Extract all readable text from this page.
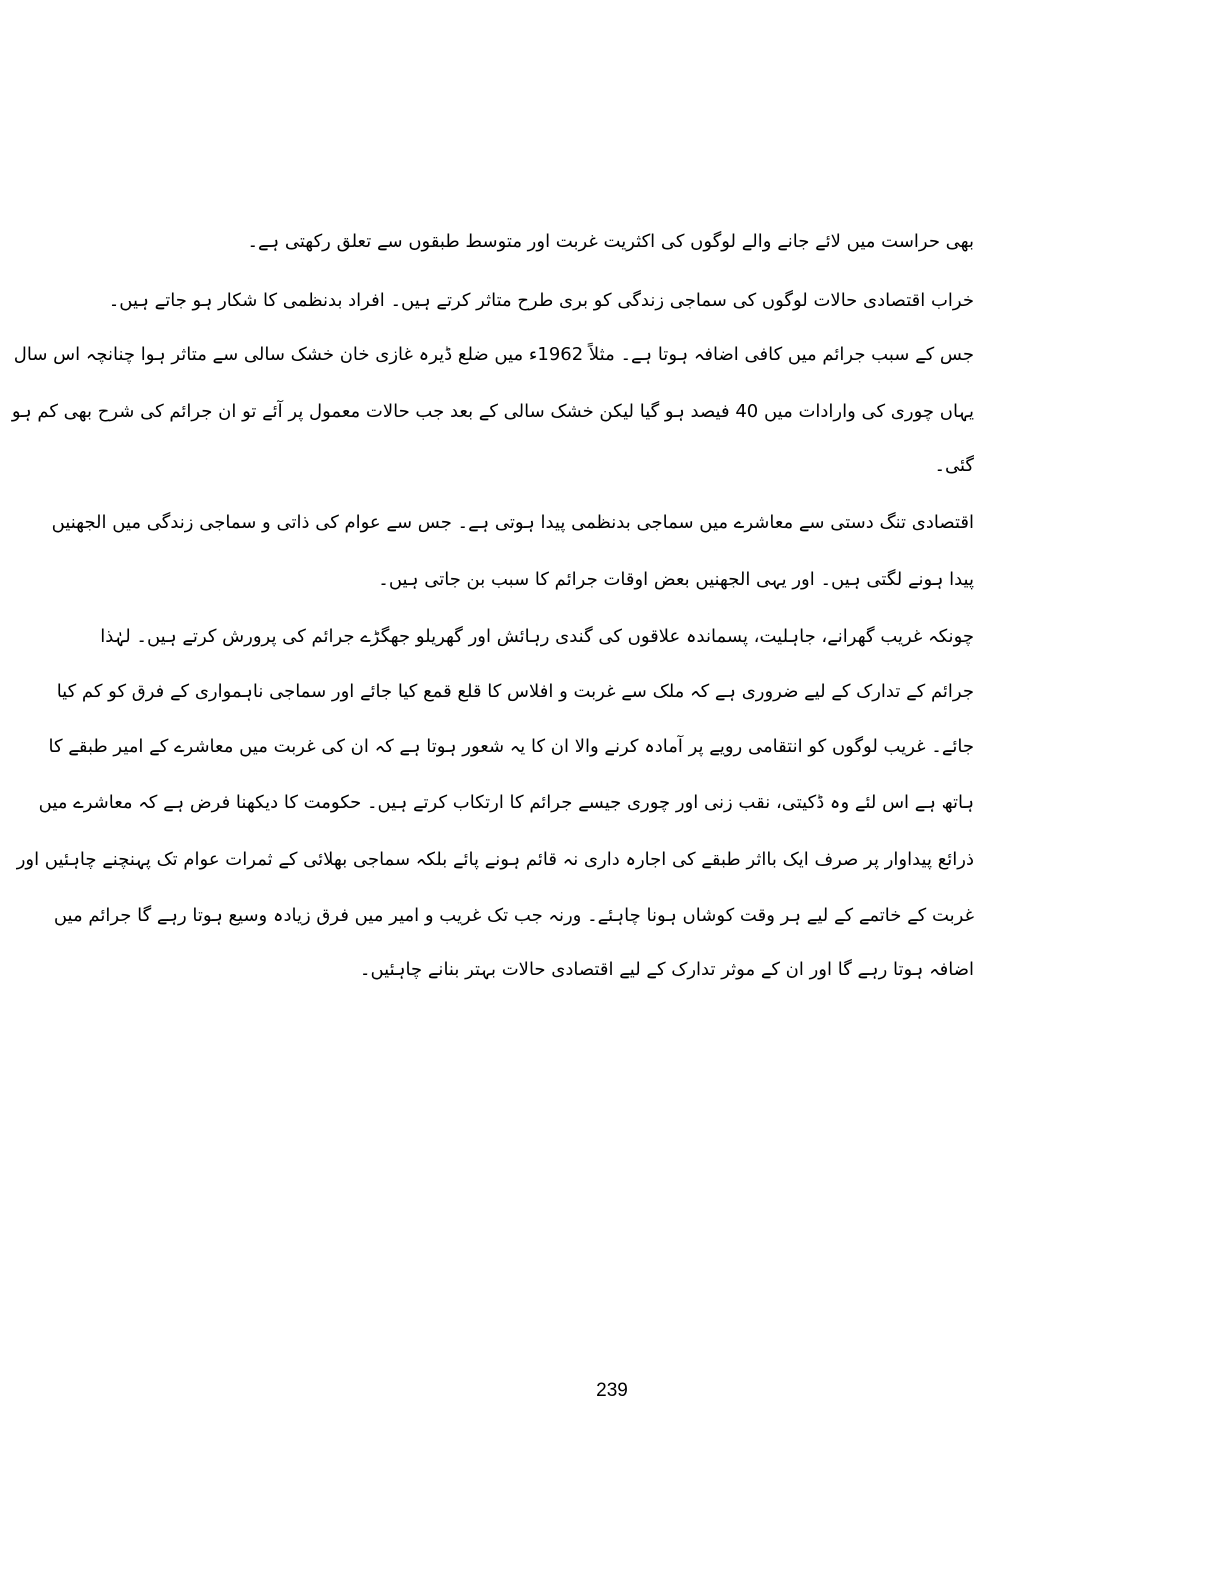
بھی حراست میں لائے جانے والے لوگوں کی اکثریت غربت اور متوسط طبقوں سے تعلق رکھتی ہے۔
خراب اقتصادی حالات لوگوں کی سماجی زندگی کو بری طرح متاثر کرتے ہیں۔ افراد بدنظمی کا شکار ہو جاتے ہیں۔
جس کے سبب جرائم میں کافی اضافہ ہوتا ہے۔ مثلاً 1962ء میں ضلع ڈیرہ غازی خان خشک سالی سے متاثر ہوا چنانچہ اس سال
یہاں چوری کی وارادات میں 40 فیصد ہو گیا لیکن خشک سالی کے بعد جب حالات معمول پر آئے تو ان جرائم کی شرح بھی کم ہو
گئی۔
اقتصادی تنگ دستی سے معاشرے میں سماجی بدنظمی پیدا ہوتی ہے۔ جس سے عوام کی ذاتی و سماجی زندگی میں الجھنیں
پیدا ہونے لگتی ہیں۔ اور یہی الجھنیں بعض اوقات جرائم کا سبب بن جاتی ہیں۔
چونکہ غریب گھرانے، جاہلیت، پسماندہ علاقوں کی گندی رہائش اور گھریلو جھگڑے جرائم کی پرورش کرتے ہیں۔ لہٰذا
جرائم کے تدارک کے لیے ضروری ہے کہ ملک سے غربت و افلاس کا قلع قمع کیا جائے اور سماجی ناہمواری کے فرق کو کم کیا
جائے۔ غریب لوگوں کو انتقامی رویے پر آمادہ کرنے والا ان کا یہ شعور ہوتا ہے کہ ان کی غربت میں معاشرے کے امیر طبقے کا
ہاتھ ہے اس لئے وہ ڈکیتی، نقب زنی اور چوری جیسے جرائم کا ارتکاب کرتے ہیں۔ حکومت کا دیکھنا فرض ہے کہ معاشرے میں
ذرائع پیداوار پر صرف ایک بااثر طبقے کی اجارہ داری نہ قائم ہونے پائے بلکہ سماجی بھلائی کے ثمرات عوام تک پہنچنے چاہئیں اور
غربت کے خاتمے کے لیے ہر وقت کوشاں ہونا چاہئے۔ ورنہ جب تک غریب و امیر میں فرق زیادہ وسیع ہوتا رہے گا جرائم میں
اضافہ ہوتا رہے گا اور ان کے موثر تدارک کے لیے اقتصادی حالات بہتر بنانے چاہئیں۔
239
